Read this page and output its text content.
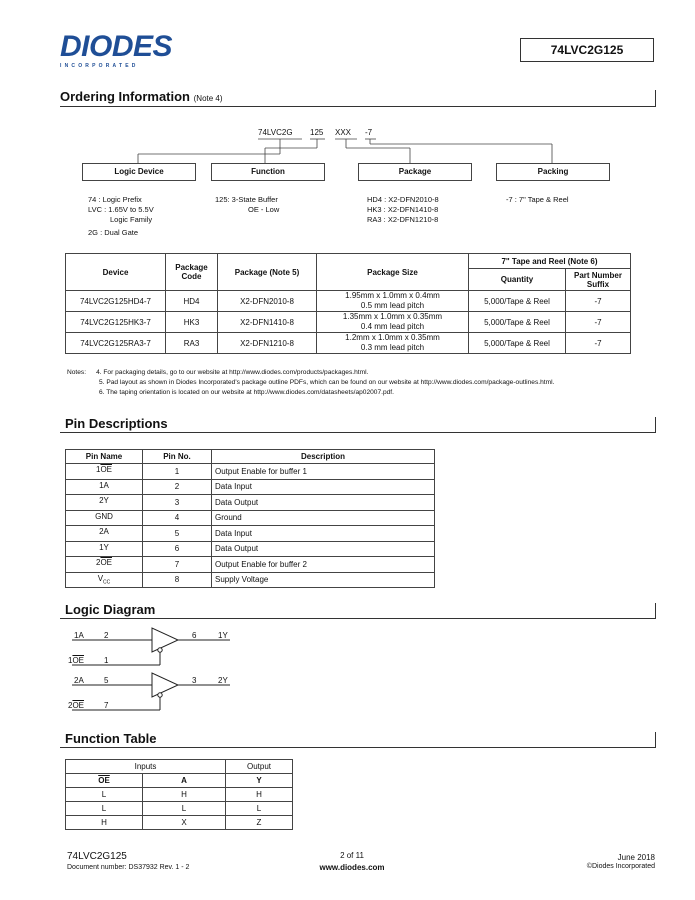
DIODES
INCORPORATED
74LVC2G125
Ordering Information (Note 4)
74LVC2G 125 XXX -7
Logic Device	Function	Package	Packing
74 : Logic Prefix
LVC : 1.65V to 5.5V
Logic Family
2G : Dual Gate
125: 3-State Buffer
OE - Low
HD4 : X2-DFN2010-8
HK3 : X2-DFN1410-8
RA3 : X2-DFN1210-8
-7 : 7" Tape & Reel
Device	Package Code	Package (Note 5)	Package Size	7" Tape and Reel (Note 6)	
				Quantity	Part Number Suffix
74LVC2G125HD4-7	HD4	X2-DFN2010-8	1.95mm x 1.0mm x 0.4mm
0.5 mm lead pitch	5,000/Tape & Reel	-7
74LVC2G125HK3-7	HK3	X2-DFN1410-8	1.35mm x 1.0mm x 0.35mm
0.4 mm lead pitch	5,000/Tape & Reel	-7
74LVC2G125RA3-7	RA3	X2-DFN1210-8	1.2mm x 1.0mm x 0.35mm
0.3 mm lead pitch	5,000/Tape & Reel	-7
Notes: 4. For packaging details, go to our website at http://www.diodes.com/products/packages.html.
5. Pad layout as shown in Diodes Incorporated's package outline PDFs, which can be found on our website at http://www.diodes.com/package-outlines.html.
6. The taping orientation is located on our website at http://www.diodes.com/datasheets/ap02007.pdf.
Pin Descriptions
Pin Name	Pin No.	Description
$1\overline{OE}$	1	Output Enable for buffer 1
1A	2	Data Input
2Y	3	Data Output
GND	4	Ground
2A	5	Data Input
1Y	6	Data Output
$2\overline{OE}$	7	Output Enable for buffer 2
$V_{CC}$	8	Supply Voltage
Logic Diagram
1A	2	6	1Y
$1\overline{OE}$ 1
2A	5	3	2Y
$2\overline{OE}$ 7
Function Table
Inputs		Output
$\overline{OE}$	A	Y
L	H	H
L	L	L
H	X	Z
74LVC2G125
Document number: DS37932 Rev. 1 - 2
2 of 11
www.diodes.com
June 2018
©Diodes Incorporated
